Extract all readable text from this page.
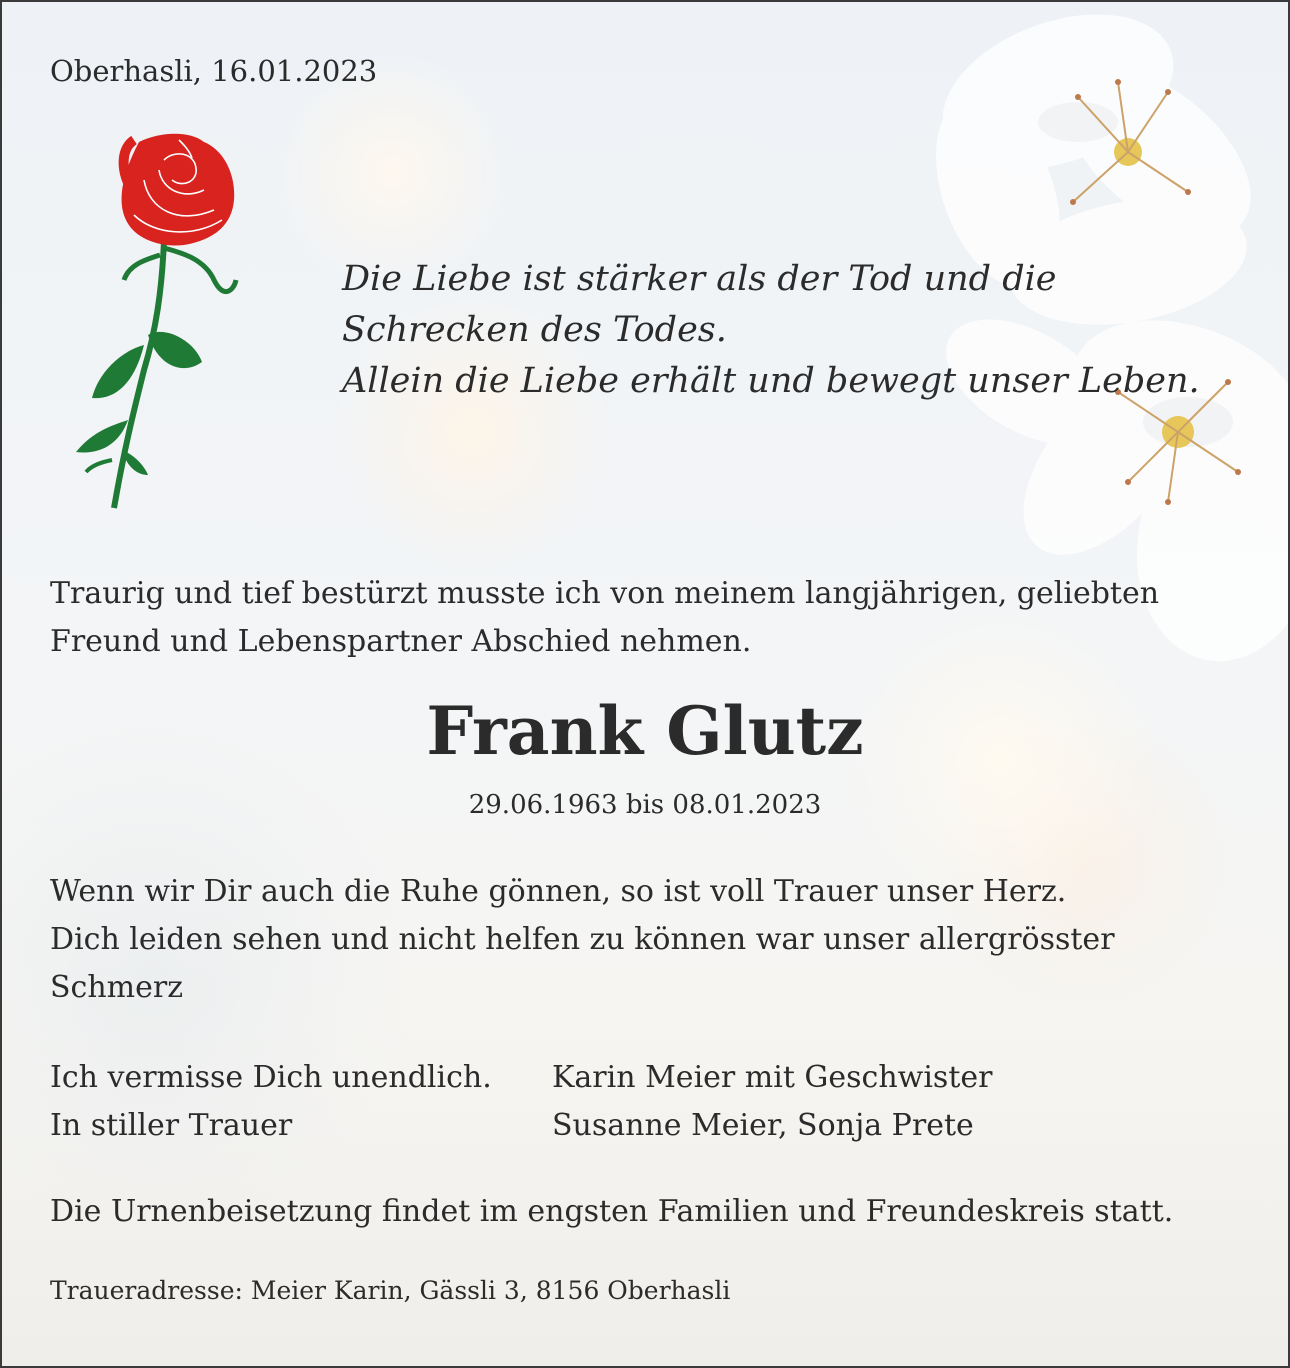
Oberhasli, 16.01.2023
Die Liebe ist stärker als der Tod und die
Schrecken des Todes.
Allein die Liebe erhält und bewegt unser Leben.
Traurig und tief bestürzt musste ich von meinem langjährigen, geliebten
Freund und Lebenspartner Abschied nehmen.
Frank Glutz
29.06.1963 bis 08.01.2023
Wenn wir Dir auch die Ruhe gönnen, so ist voll Trauer unser Herz.
Dich leiden sehen und nicht helfen zu können war unser allergrösster
Schmerz
Ich vermisse Dich unendlich.
In stiller Trauer
Karin Meier mit Geschwister
Susanne Meier, Sonja Prete
Die Urnenbeisetzung findet im engsten Familien und Freundeskreis statt.
Traueradresse: Meier Karin, Gässli 3, 8156 Oberhasli
